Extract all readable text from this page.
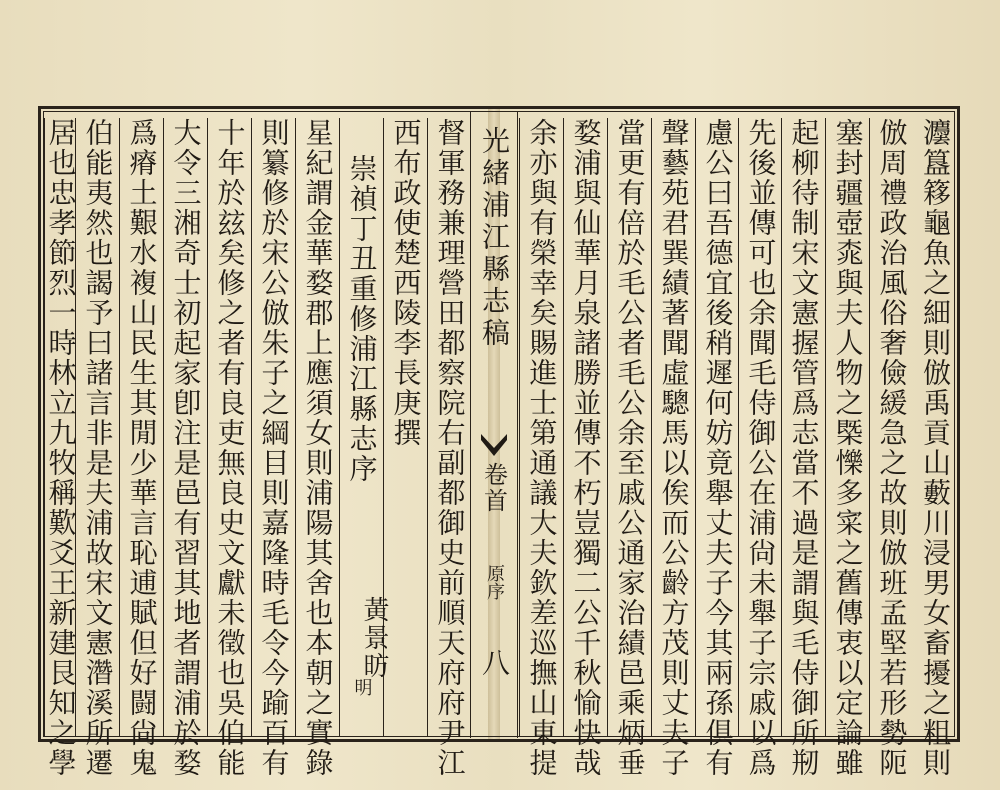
灋簋簃龜魚之細則倣禹貢山藪川浸男女畜擾之粗則
倣周禮政治風俗奢儉緩急之故則倣班孟堅若形勢阨
塞封疆壺𣑯與夫人物之㮣㦡多寀之舊傳衷以定論雖
起柳待制宋文憲握管爲志當不過是謂與毛侍御所剏
先後並傳可也余聞毛侍御公在浦尙未舉子宗戚以爲
慮公曰吾德宜後稍遲何妨竟舉丈夫子今其兩孫俱有
聲藝苑君巽績著聞虛驄馬以俟而公齡方茂則丈夫子
當更有倍於毛公者毛公余至戚公通家治績邑乘炳垂
婺浦與仙華月泉諸勝並傳不朽豈獨二公千秋愉快哉
余亦與有榮幸矣賜進士第通議大夫欽差巡撫山東提
督軍務兼理營田都察院右副都御史前順天府府尹江 光緒浦江縣志稿
卷首
原序
八
西布政使楚西陵李長庚撰
崇禎丁丑重修浦江縣志序
明
星紀謂金華婺郡上應須女則浦陽其舍也本朝之實錄
則纂修於宋公倣朱子之綱目則嘉隆時毛令今踰百有
十年於玆矣修之者有良吏無良史文獻未徵也吳伯能
大令三湘奇士初起家卽注是邑有習其地者謂浦於婺
爲瘠土艱水複山民生其閒少華言恥逋賦但好闘尙鬼
伯能夷然也謁予曰諸言非是夫浦故宋文憲濳溪所遷
居也忠孝節烈一時林立九牧稱歎爻王新建艮知之學	黃景昉
